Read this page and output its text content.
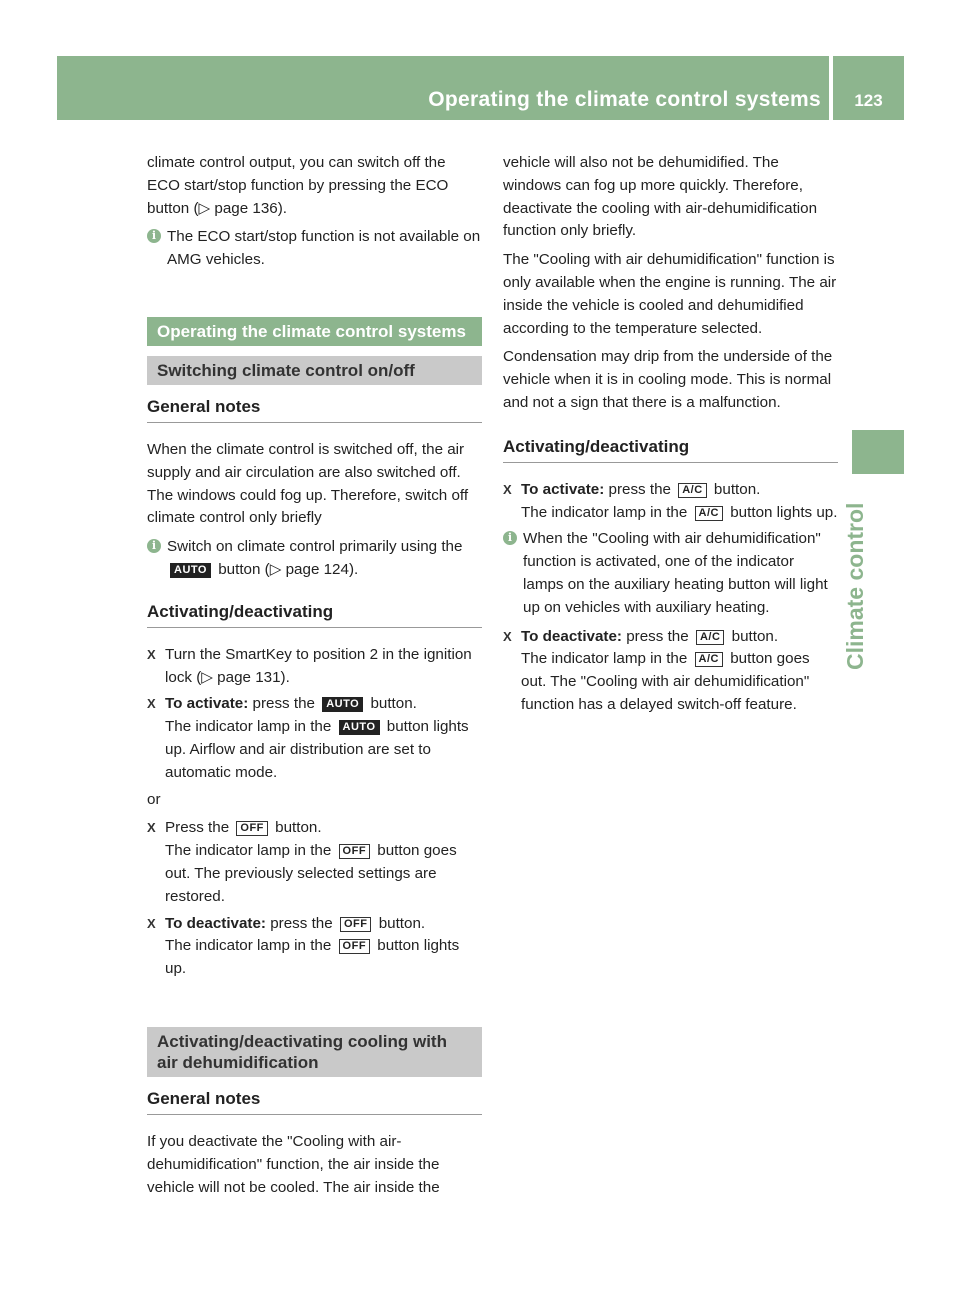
Operating the climate control systems	123
Climate control

climate control output, you can switch off the ECO start/stop function by pressing the ECO button (▷ page 136).

i The ECO start/stop function is not available on AMG vehicles.
Operating the climate control systems
Switching climate control on/off
General notes

When the climate control is switched off, the air supply and air circulation are also switched off. The windows could fog up. Therefore, switch off climate control only briefly

i Switch on climate control primarily using the AUTO button (▷ page 124).
Activating/deactivating
X Turn the SmartKey to position 2 in the ignition lock (▷ page 131).
X To activate: press the AUTO button.
The indicator lamp in the AUTO button lights up. Airflow and air distribution are set to automatic mode.

or

X Press the OFF button.
The indicator lamp in the OFF button goes out. The previously selected settings are restored.
X To deactivate: press the OFF button.
The indicator lamp in the OFF button lights up.
Activating/deactivating cooling with air dehumidification
General notes

If you deactivate the "Cooling with air-dehumidification" function, the air inside the vehicle will not be cooled. The air inside the

vehicle will also not be dehumidified. The windows can fog up more quickly. Therefore, deactivate the cooling with air-dehumidification function only briefly.

The "Cooling with air dehumidification" function is only available when the engine is running. The air inside the vehicle is cooled and dehumidified according to the temperature selected.

Condensation may drip from the underside of the vehicle when it is in cooling mode. This is normal and not a sign that there is a malfunction.

Activating/deactivating
X To activate: press the A/C button.
The indicator lamp in the A/C button lights up.
i When the "Cooling with air dehumidification" function is activated, one of the indicator lamps on the auxiliary heating button will light up on vehicles with auxiliary heating.
X To deactivate: press the A/C button.
The indicator lamp in the A/C button goes out. The "Cooling with air dehumidification" function has a delayed switch-off feature.
